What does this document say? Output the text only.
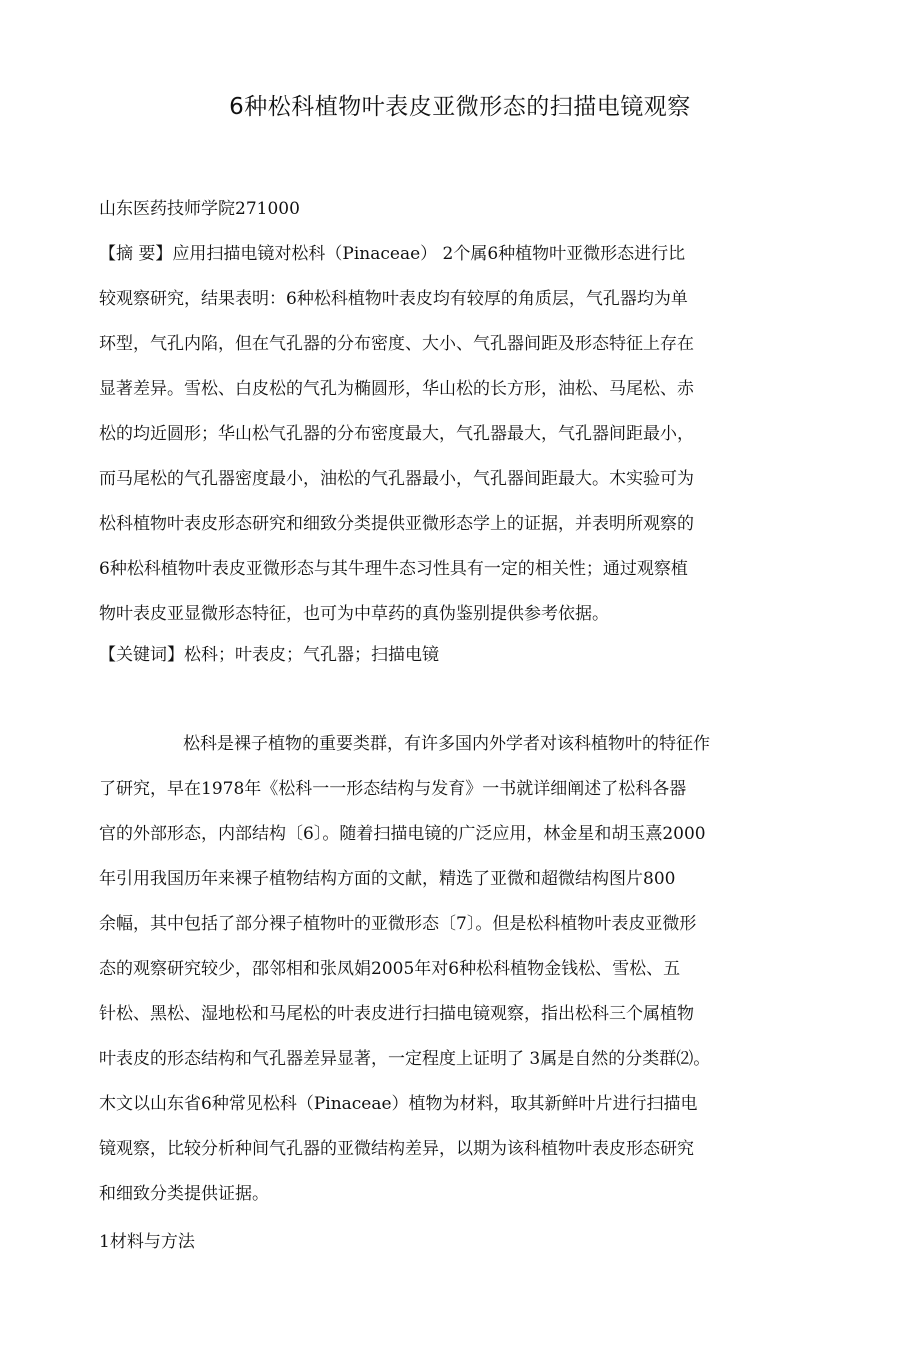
6种松科植物叶表皮亚微形态的扫描电镜观察
山东医药技师学院271000
【摘 要】应用扫描电镜对松科（Pinaceae） 2个属6种植物叶亚微形态进行比
较观察研究，结果表明：6种松科植物叶表皮均有较厚的角质层，气孔器均为单
环型，气孔内陷，但在气孔器的分布密度、大小、气孔器间距及形态特征上存在
显著差异。雪松、白皮松的气孔为椭圆形，华山松的长方形，油松、马尾松、赤
松的均近圆形；华山松气孔器的分布密度最大，气孔器最大，气孔器间距最小，
而马尾松的气孔器密度最小，油松的气孔器最小，气孔器间距最大。木实验可为
松科植物叶表皮形态研究和细致分类提供亚微形态学上的证据，并表明所观察的
6种松科植物叶表皮亚微形态与其牛理牛态习性具有一定的相关性；通过观察植
物叶表皮亚显微形态特征，也可为中草药的真伪鉴别提供参考依据。
【关键词】松科；叶表皮；气孔器；扫描电镜
松科是裸子植物的重要类群，有许多国内外学者对该科植物叶的特征作
了研究，早在1978年《松科一一形态结构与发育》一书就详细阐述了松科各器
官的外部形态，内部结构〔6〕。随着扫描电镜的广泛应用，林金星和胡玉熹2000
年引用我国历年来裸子植物结构方面的文献，精选了亚微和超微结构图片800
余幅，其中包括了部分裸子植物叶的亚微形态〔7〕。但是松科植物叶表皮亚微形
态的观察研究较少，邵邻相和张凤娟2005年对6种松科植物金钱松、雪松、五
针松、黑松、湿地松和马尾松的叶表皮进行扫描电镜观察，指出松科三个属植物
叶表皮的形态结构和气孔器差异显著，一定程度上证明了 3属是自然的分类群⑵。
木文以山东省6种常见松科（Pinaceae）植物为材料，取其新鲜叶片进行扫描电
镜观察，比较分析种间气孔器的亚微结构差异，以期为该科植物叶表皮形态研究
和细致分类提供证据。
1材料与方法
